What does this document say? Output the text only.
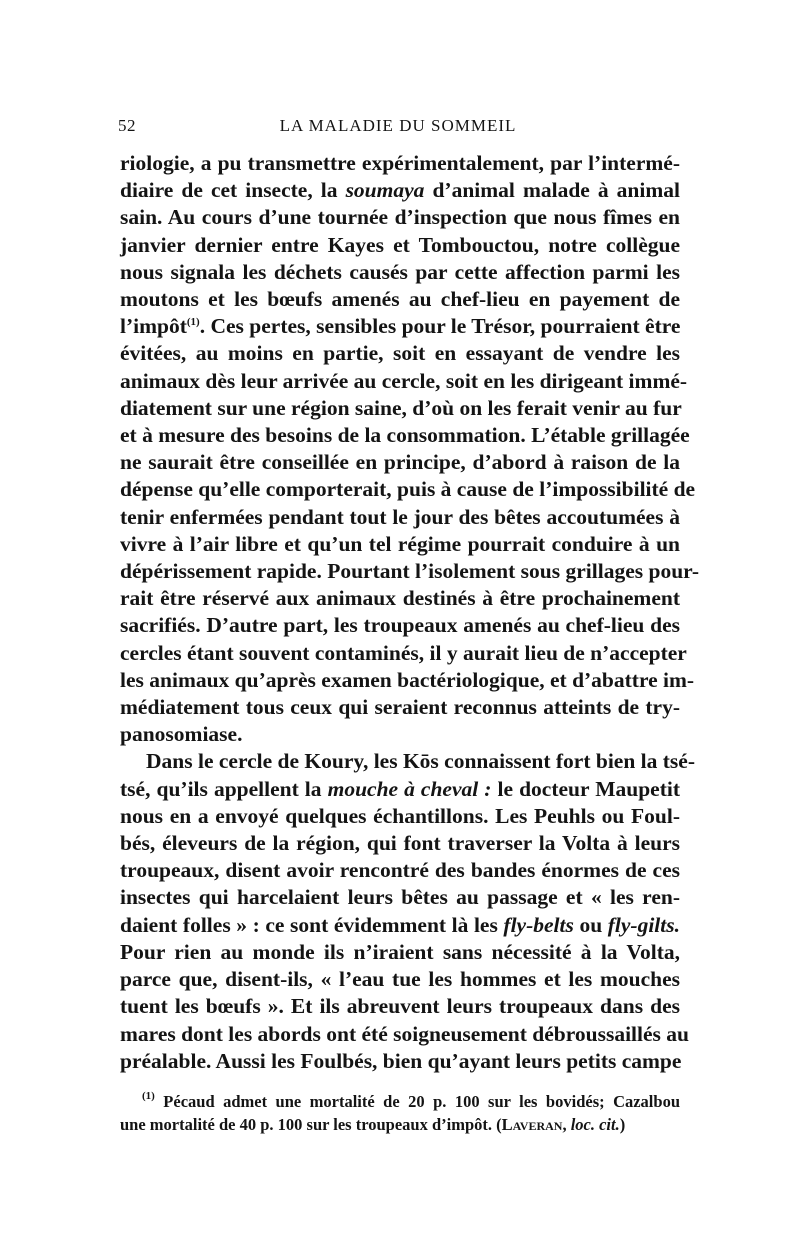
52	LA MALADIE DU SOMMEIL
riologie, a pu transmettre expérimentalement, par l’intermé-
diaire de cet insecte, la soumaya d’animal malade à animal
sain. Au cours d’une tournée d’inspection que nous fîmes en
janvier dernier entre Kayes et Tombouctou, notre collègue
nous signala les déchets causés par cette affection parmi les
moutons et les bœufs amenés au chef-lieu en payement de
l’impôt$^{(1)}$. Ces pertes, sensibles pour le Trésor, pourraient être
évitées, au moins en partie, soit en essayant de vendre les
animaux dès leur arrivée au cercle, soit en les dirigeant immé-
diatement sur une région saine, d’où on les ferait venir au fur
et à mesure des besoins de la consommation. L’étable grillagée
ne saurait être conseillée en principe, d’abord à raison de la
dépense qu’elle comporterait, puis à cause de l’impossibilité de
tenir enfermées pendant tout le jour des bêtes accoutumées à
vivre à l’air libre et qu’un tel régime pourrait conduire à un
dépérissement rapide. Pourtant l’isolement sous grillages pour-
rait être réservé aux animaux destinés à être prochainement
sacrifiés. D’autre part, les troupeaux amenés au chef-lieu des
cercles étant souvent contaminés, il y aurait lieu de n’accepter
les animaux qu’après examen bactériologique, et d’abattre im-
médiatement tous ceux qui seraient reconnus atteints de try-
panosomiase.
Dans le cercle de Koury, les Kōs connaissent fort bien la tsé-
tsé, qu’ils appellent la mouche à cheval : le docteur Maupetit
nous en a envoyé quelques échantillons. Les Peuhls ou Foul-
bés, éleveurs de la région, qui font traverser la Volta à leurs
troupeaux, disent avoir rencontré des bandes énormes de ces
insectes qui harcelaient leurs bêtes au passage et « les ren-
daient folles » : ce sont évidemment là les fly-belts ou fly-gilts.
Pour rien au monde ils n’iraient sans nécessité à la Volta,
parce que, disent-ils, « l’eau tue les hommes et les mouches
tuent les bœufs ». Et ils abreuvent leurs troupeaux dans des
mares dont les abords ont été soigneusement débroussaillés au
préalable. Aussi les Foulbés, bien qu’ayant leurs petits campe
$^{(1)}$ Pécaud admet une mortalité de 20 p. 100 sur les bovidés; Cazalbou
une mortalité de 40 p. 100 sur les troupeaux d’impôt. (Laveran, loc. cit.)
